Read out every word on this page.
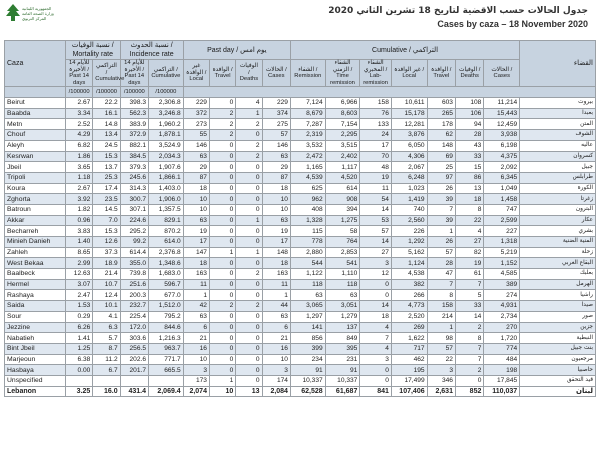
الجمهورية اللبنانية
وزارة الصحة العامة
المركز التربوي
جدول الحالات حسب الاقضية لتاريخ 18 تشرين الثاني 2020
Cases by caza – 18 November 2020
Caza	نسبة الوفيات /
Mortality rate		نسبة الحدوث /
Incidence rate		Past day / يوم امس				Cumulative / التراكمي							القضاء
	للأيام 14 الأخيرة / Past 14 days	التراكمي / Cumulative	للأيام 14 الأخيرة / Past 14 days	التراكمي / Cumulative	غير الوافدة / Local	الوافدة / Travel	الوفيات / Deaths	الحالات / Cases	الشفاء / Remission	الشفاء الزمني / Time remission	الشفاء المخبري / Lab-remission	غير الوافدة / Local	الوافدة / Travel	الوفيات / Deaths	الحالات / Cases	
	/100000	/100000	/100000	/100000												
Beirut	2.67	22.2	398.3	2,306.8	229	0	4	229	7,124	6,966	158	10,611	603	108	11,214	بيروت
Baabda	3.34	16.1	562.3	3,246.8	372	2	1	374	8,679	8,603	76	15,178	265	106	15,443	بعبدا
Metn	2.52	14.8	383.9	1,960.2	273	2	2	275	7,287	7,154	133	12,281	178	94	12,459	المتن
Chouf	4.29	13.4	372.9	1,878.1	55	2	0	57	2,319	2,295	24	3,876	62	28	3,938	الشوف
Aleyh	6.82	24.5	882.1	3,524.9	146	0	2	146	3,532	3,515	17	6,050	148	43	6,198	عاليه
Kesrwan	1.86	15.3	384.5	2,034.3	63	0	2	63	2,472	2,402	70	4,306	69	33	4,375	كسروان
Jbeil	3.65	13.7	379.3	1,907.6	29	0	0	29	1,165	1,117	48	2,067	25	15	2,092	جبيل
Tripoli	1.18	25.3	245.6	1,866.1	87	0	0	87	4,539	4,520	19	6,248	97	86	6,345	طرابلس
Koura	2.67	17.4	314.3	1,403.0	18	0	0	18	625	614	11	1,023	26	13	1,049	الكورة
Zghorta	3.92	23.5	300.7	1,906.0	10	0	0	10	962	908	54	1,419	39	18	1,458	زغرتا
Batroun	1.82	14.5	307.1	1,357.5	10	0	0	10	408	394	14	740	7	8	747	البترون
Akkar	0.96	7.0	224.6	829.1	63	0	1	63	1,328	1,275	53	2,560	39	22	2,599	عكار
Becharreh	3.83	15.3	295.2	870.2	19	0	0	19	115	58	57	226	1	4	227	بشري
Minieh Danieh	1.40	12.6	99.2	614.0	17	0	0	17	778	764	14	1,292	26	27	1,318	المنية الضنية
Zahleh	8.65	37.3	614.4	2,376.8	147	1	1	148	2,880	2,853	27	5,162	57	82	5,219	زحلة
West Bekaa	2.99	18.9	355.0	1,348.6	18	0	0	18	544	541	3	1,124	28	19	1,152	البقاع الغربي
Baalbeck	12.63	21.4	739.8	1,683.0	163	0	2	163	1,122	1,110	12	4,538	47	61	4,585	بعلبك
Hermel	3.07	10.7	251.6	596.7	11	0	0	11	118	118	0	382	7	7	389	الهرمل
Rashaya	2.47	12.4	200.3	677.0	1	0	0	1	63	63	0	266	8	5	274	راشيا
Saida	1.53	10.1	232.7	1,512.0	42	2	2	44	3,065	3,051	14	4,773	158	33	4,931	صيدا
Sour	0.29	4.1	225.4	795.2	63	0	0	63	1,297	1,279	18	2,520	214	14	2,734	صور
Jezzine	6.26	6.3	172.0	844.6	6	0	0	6	141	137	4	269	1	2	270	جزين
Nabatieh	1.41	5.7	303.6	1,216.3	21	0	0	21	856	849	7	1,622	98	8	1,720	النبطية
Bint Jbeil	1.25	8.7	256.5	963.7	16	0	0	16	399	395	4	717	57	7	774	بنت جبيل
Marjeoun	6.38	11.2	202.6	771.7	10	0	0	10	234	231	3	462	22	7	484	مرجعيون
Hasbaya	0.00	6.7	201.7	665.5	3	0	0	3	91	91	0	195	3	2	198	حاصبيا
Unspecified					173	1	0	174	10,337	10,337	0	17,499	346	0	17,845	قيد التحقق
Lebanon	3.25	16.0	431.4	2,069.4	2,074	10	13	2,084	62,528	61,687	841	107,406	2,631	852	110,037	لبنان
